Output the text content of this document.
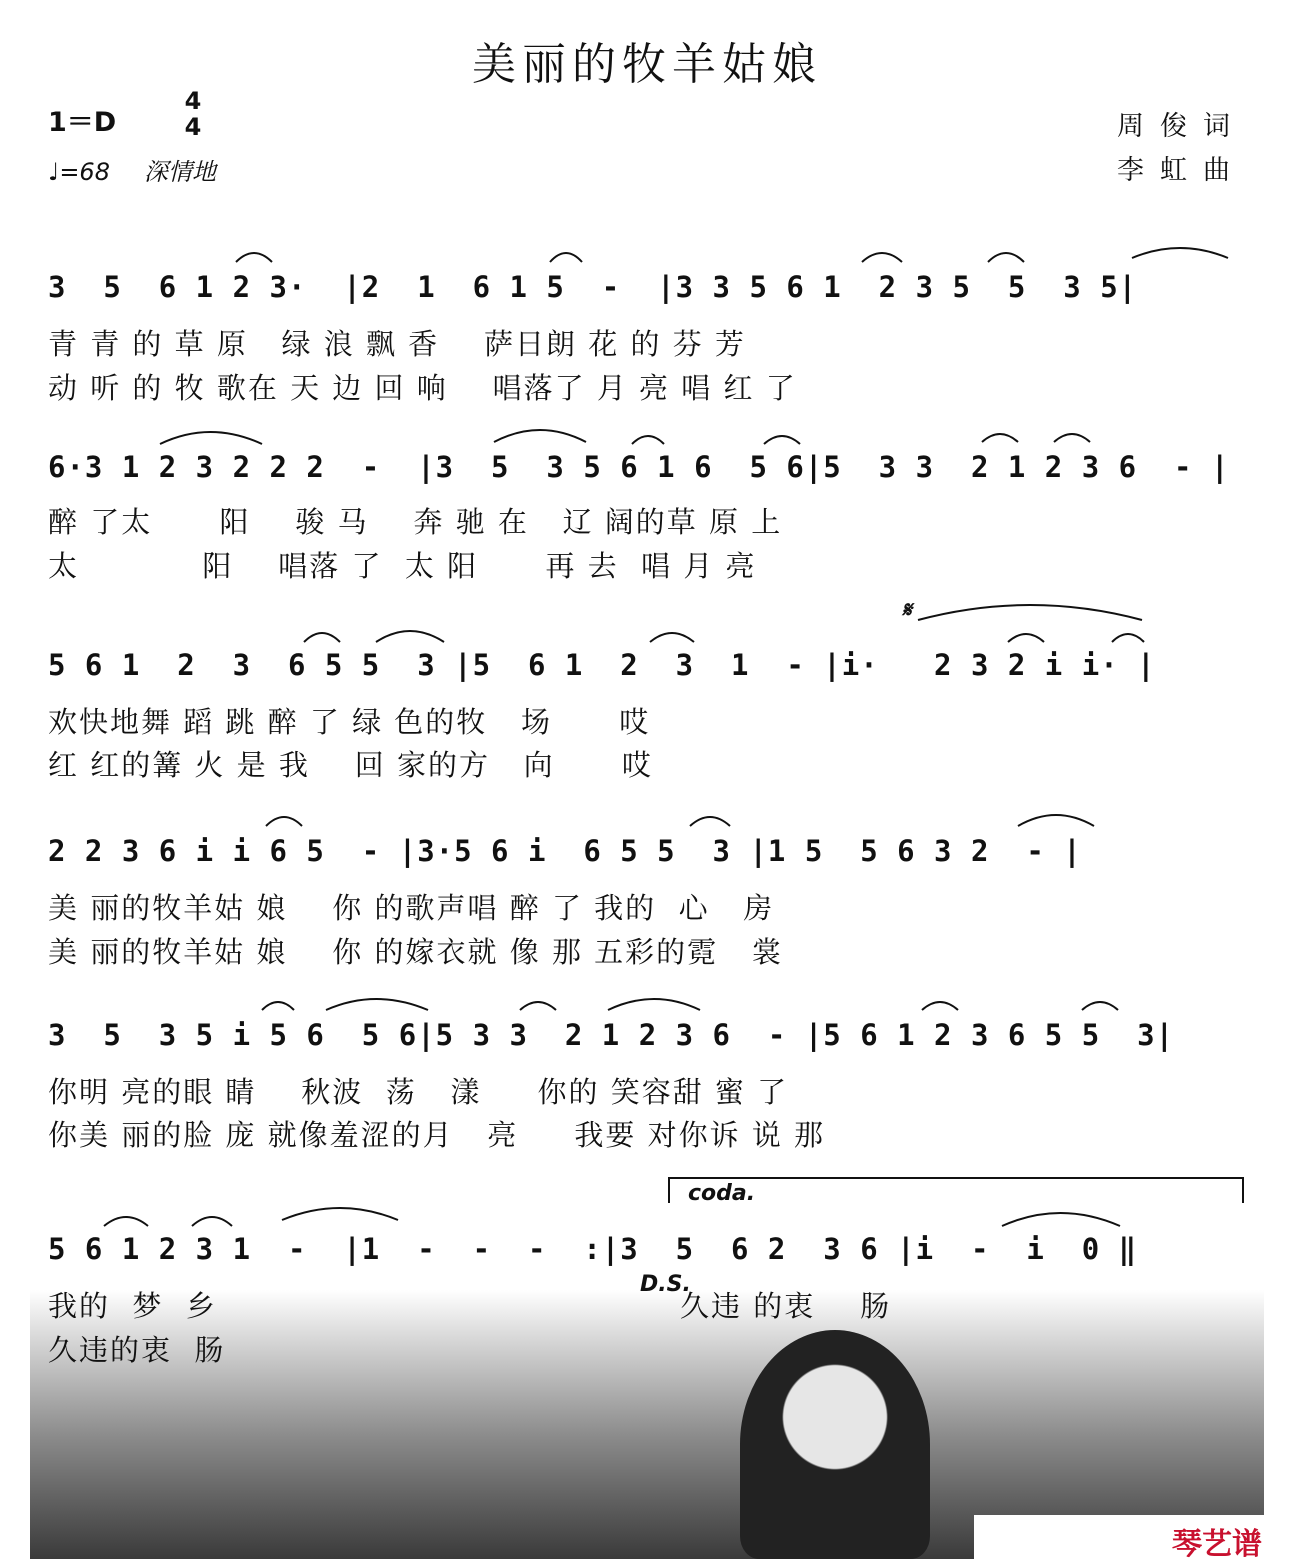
美丽的牧羊姑娘
1＝D
4
4
♩=68 深情地
周俊词
李虹曲
3  5  6 1 2 3·  |2  1  6 1 5  -  |3 3 5 6 1  2 3 5  5  3 5|
青 青 的 草 原   绿 浪 飘 香    萨日朗 花 的 芬 芳
动 听 的 牧 歌在 天 边 回 响    唱落了 月 亮 唱 红 了
6·3 1 2 3 2 2 2  -  |3  5  3 5 6 1 6  5 6|5  3 3  2 1 2 3 6  - |
醉 了太      阳    骏 马    奔 驰 在   辽 阔的草 原 上
太           阳    唱落 了  太 阳      再 去  唱 月 亮
𝄋
5 6 1  2  3  6 5 5  3 |5  6 1  2  3  1  - |i·   2 3 2 i i· |
欢快地舞 蹈 跳 醉 了 绿 色的牧   场      哎
红 红的篝 火 是 我    回 家的方   向      哎
2 2 3 6 i i 6 5  - |3·5 6 i  6 5 5  3 |1 5  5 6 3 2  - |
美 丽的牧羊姑 娘    你 的歌声唱 醉 了 我的  心   房
美 丽的牧羊姑 娘    你 的嫁衣就 像 那 五彩的霓   裳
3  5  3 5 i 5 6  5 6|5 3 3  2 1 2 3 6  - |5 6 1 2 3 6 5 5  3|
你明 亮的眼 睛    秋波  荡   漾     你的 笑容甜 蜜 了
你美 丽的脸 庞 就像羞涩的月   亮     我要 对你诉 说 那
coda.
5 6 1 2 3 1  -  |1  -  -  -  :|3  5  6 2  3 6 |i  -  i  0 ‖
我的  梦  乡
久违的衷  肠
D.S.
久违 的衷    肠
琴艺谱
